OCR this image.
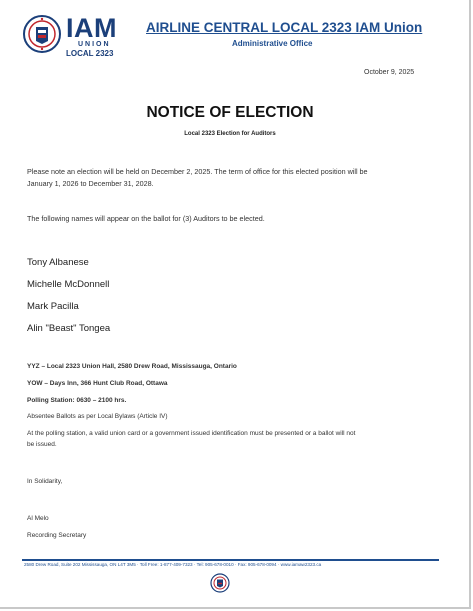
IAM
UNION
LOCAL 2323
AIRLINE CENTRAL LOCAL 2323 IAM Union
Administrative Office
October 9, 2025
NOTICE OF ELECTION
Local 2323 Election for Auditors
Please note an election will be held on December 2, 2025. The term of office for this elected position will be
January 1, 2026 to December 31, 2028.
The following names will appear on the ballot for (3) Auditors to be elected.
Tony Albanese
Michelle McDonnell
Mark Pacilla
Alin "Beast" Tongea
YYZ – Local 2323 Union Hall, 2580 Drew Road, Mississauga, Ontario
YOW – Days Inn, 366 Hunt Club Road, Ottawa
Polling Station: 0630 – 2100 hrs.
Absentee Ballots as per Local Bylaws (Article IV)
At the polling station, a valid union card or a government issued identification must be presented or a ballot will not
be issued.
In Solidarity,
Al Melo
Recording Secretary
2580 Drew Road, Suite 202 Mississauga, ON L4T 3M5 · Toll Free: 1-877-409-7323 · Tel: 905-678-0010 · Fax: 905-678-0094 · www.iamaw2323.ca
